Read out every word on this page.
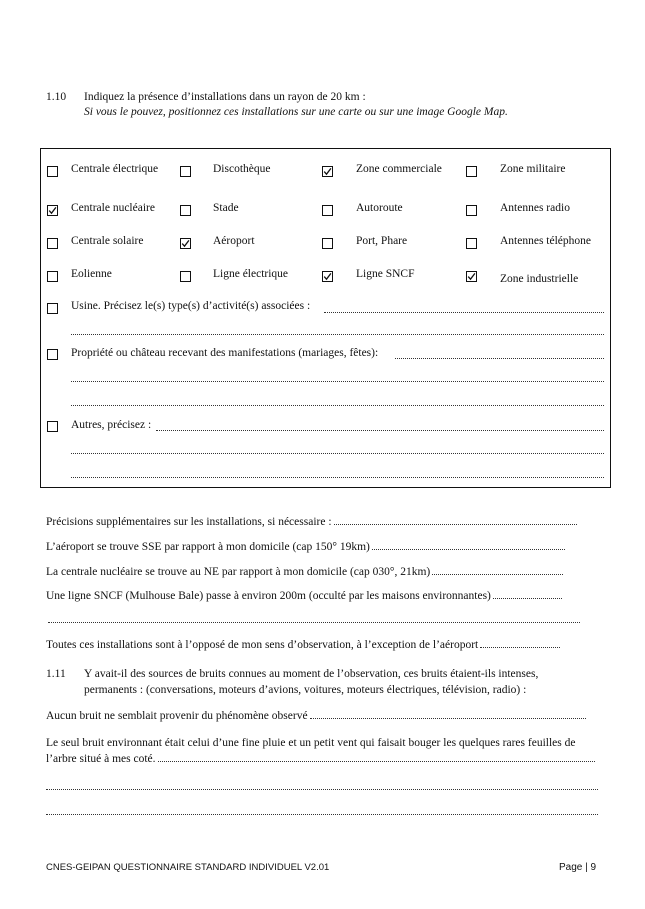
1.10 Indiquez la présence d’installations dans un rayon de 20 km :
Si vous le pouvez, positionnez ces installations sur une carte ou sur une image Google Map.
Centrale électrique	Discothèque	Zone commerciale	Zone militaire
Centrale nucléaire	Stade	Autoroute	Antennes radio
Centrale solaire	Aéroport	Port, Phare	Antennes téléphone
Eolienne	Ligne électrique	Ligne SNCF	Zone industrielle
Usine. Précisez le(s) type(s) d’activité(s) associées :
Propriété ou château recevant des manifestations (mariages, fêtes):
Autres, précisez :
Précisions supplémentaires sur les installations, si nécessaire :
L’aéroport se trouve SSE par rapport à mon domicile (cap 150° 19km)
La centrale nucléaire se trouve au NE par rapport à mon domicile (cap 030°, 21km)
Une ligne SNCF (Mulhouse Bale) passe à environ 200m (occulté par les maisons environnantes)
Toutes ces installations sont à l’opposé de mon sens d’observation, à l’exception de l’aéroport
1.11 Y avait-il des sources de bruits connues au moment de l’observation, ces bruits étaient-ils intenses,
permanents : (conversations, moteurs d’avions, voitures, moteurs électriques, télévision, radio) :
Aucun bruit ne semblait provenir du phénomène observé
Le seul bruit environnant était celui d’une fine pluie et un petit vent qui faisait bouger les quelques rares feuilles de
l’arbre situé à mes coté.
CNES-GEIPAN QUESTIONNAIRE STANDARD INDIVIDUEL V2.01	Page | 9
